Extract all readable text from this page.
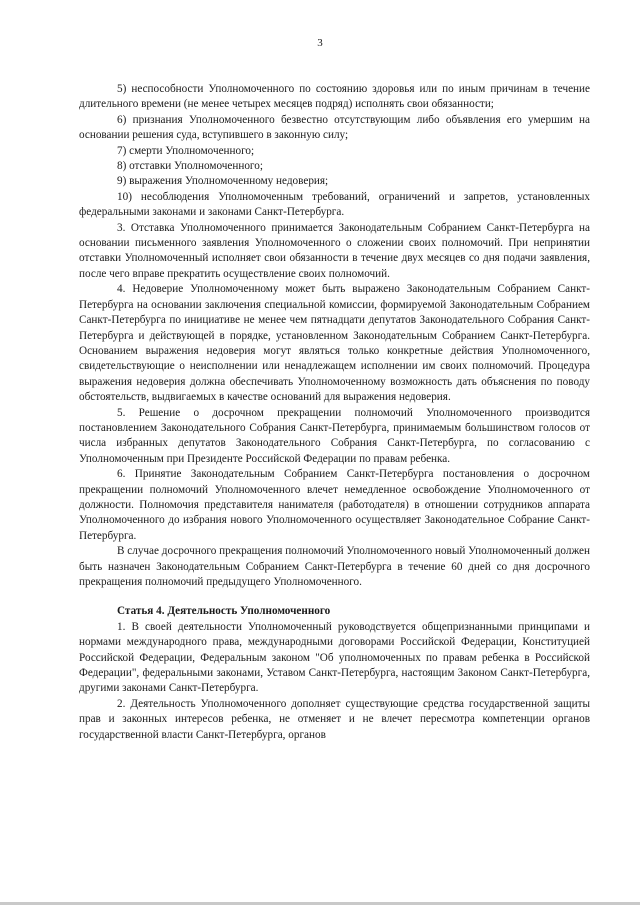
3

5) неспособности Уполномоченного по состоянию здоровья или по иным причинам в течение длительного времени (не менее четырех месяцев подряд) исполнять свои обязанности;

6) признания Уполномоченного безвестно отсутствующим либо объявления его умершим на основании решения суда, вступившего в законную силу;

7) смерти Уполномоченного;

8) отставки Уполномоченного;

9) выражения Уполномоченному недоверия;

10) несоблюдения Уполномоченным требований, ограничений и запретов, установленных федеральными законами и законами Санкт-Петербурга.

3. Отставка Уполномоченного принимается Законодательным Собранием Санкт-Петербурга на основании письменного заявления Уполномоченного о сложении своих полномочий. При непринятии отставки Уполномоченный исполняет свои обязанности в течение двух месяцев со дня подачи заявления, после чего вправе прекратить осуществление своих полномочий.

4. Недоверие Уполномоченному может быть выражено Законодательным Собранием Санкт-Петербурга на основании заключения специальной комиссии, формируемой Законодательным Собранием Санкт-Петербурга по инициативе не менее чем пятнадцати депутатов Законодательного Собрания Санкт-Петербурга и действующей в порядке, установленном Законодательным Собранием Санкт-Петербурга. Основанием выражения недоверия могут являться только конкретные действия Уполномоченного, свидетельствующие о неисполнении или ненадлежащем исполнении им своих полномочий. Процедура выражения недоверия должна обеспечивать Уполномоченному возможность дать объяснения по поводу обстоятельств, выдвигаемых в качестве оснований для выражения недоверия.

5. Решение о досрочном прекращении полномочий Уполномоченного производится постановлением Законодательного Собрания Санкт-Петербурга, принимаемым большинством голосов от числа избранных депутатов Законодательного Собрания Санкт-Петербурга, по согласованию с Уполномоченным при Президенте Российской Федерации по правам ребенка.

6. Принятие Законодательным Собранием Санкт-Петербурга постановления о досрочном прекращении полномочий Уполномоченного влечет немедленное освобождение Уполномоченного от должности. Полномочия представителя нанимателя (работодателя) в отношении сотрудников аппарата Уполномоченного до избрания нового Уполномоченного осуществляет Законодательное Собрание Санкт-Петербурга.

В случае досрочного прекращения полномочий Уполномоченного новый Уполномоченный должен быть назначен Законодательным Собранием Санкт-Петербурга в течение 60 дней со дня досрочного прекращения полномочий предыдущего Уполномоченного.

Статья 4. Деятельность Уполномоченного

1. В своей деятельности Уполномоченный руководствуется общепризнанными принципами и нормами международного права, международными договорами Российской Федерации, Конституцией Российской Федерации, Федеральным законом "Об уполномоченных по правам ребенка в Российской Федерации", федеральными законами, Уставом Санкт-Петербурга, настоящим Законом Санкт-Петербурга, другими законами Санкт-Петербурга.

2. Деятельность Уполномоченного дополняет существующие средства государственной защиты прав и законных интересов ребенка, не отменяет и не влечет пересмотра компетенции органов государственной власти Санкт-Петербурга, органов
